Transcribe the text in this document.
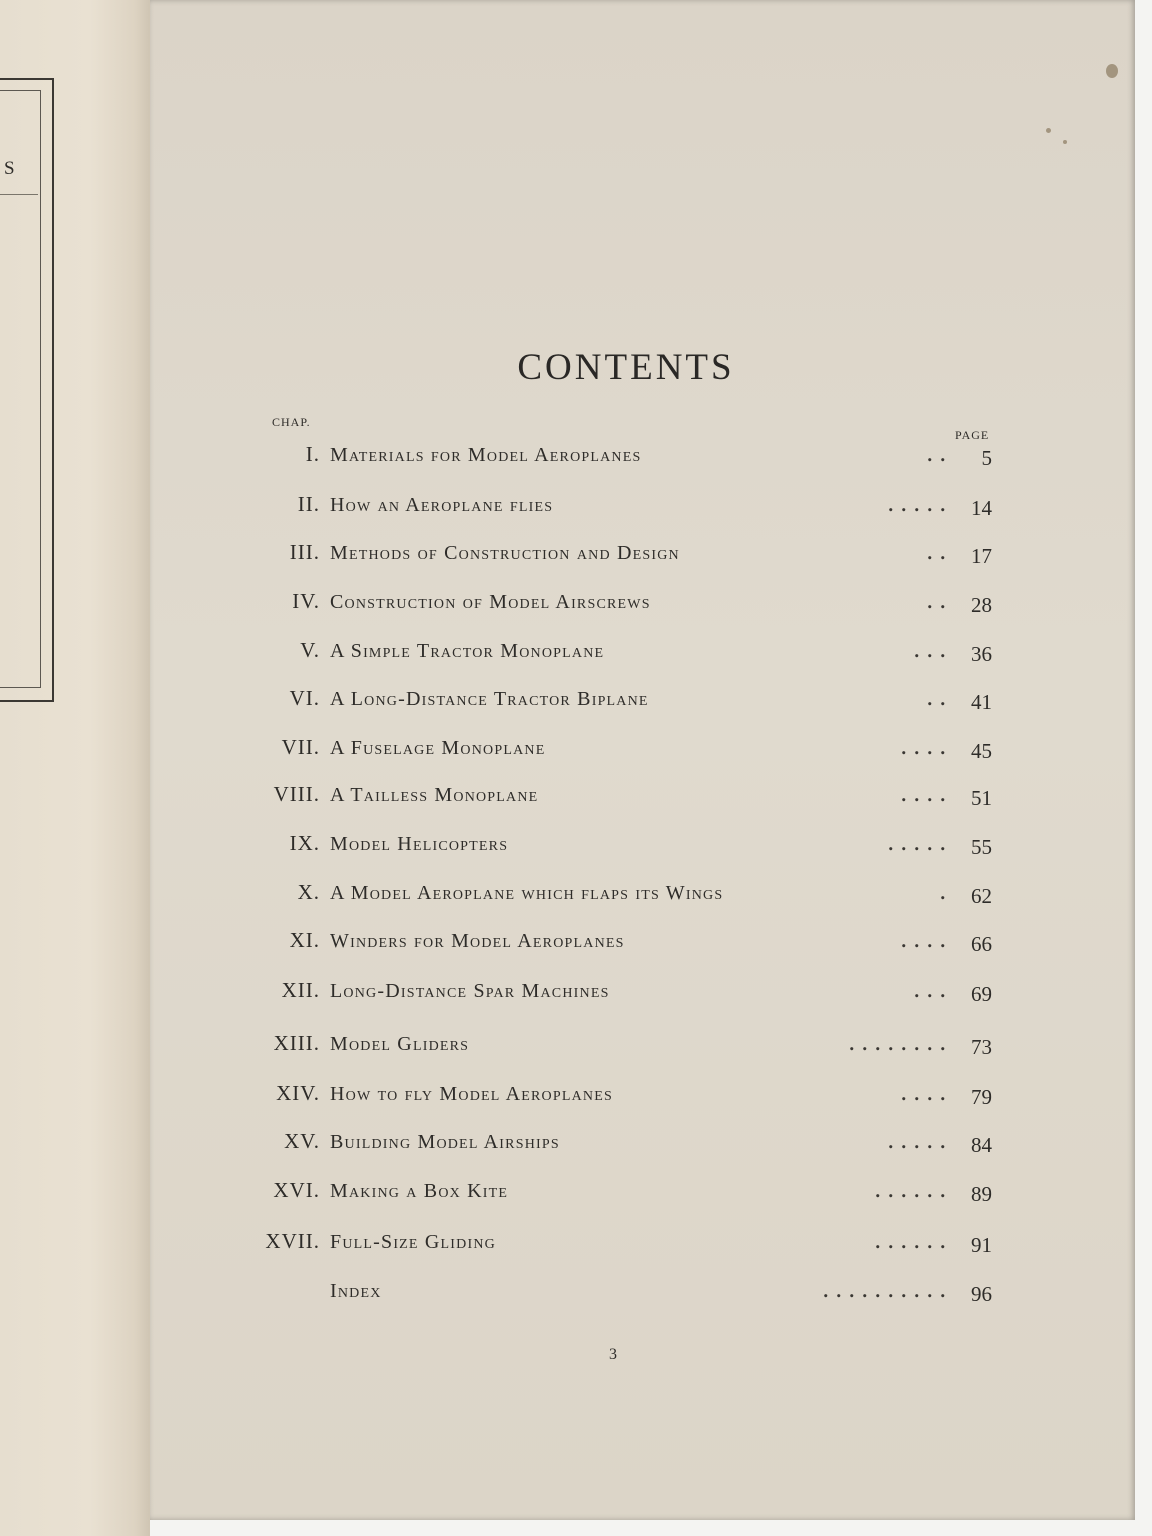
S
CONTENTS
CHAP.
PAGE
I. Materials for Model Aeroplanes	. .	5
II. How an Aeroplane flies	. . . . .	14
III. Methods of Construction and Design	. .	17
IV. Construction of Model Airscrews	. .	28
V. A Simple Tractor Monoplane	. . .	36
VI. A Long-Distance Tractor Biplane	. .	41
VII. A Fuselage Monoplane	. . . .	45
VIII. A Tailless Monoplane	. . . .	51
IX. Model Helicopters	. . . . .	55
X. A Model Aeroplane which flaps its Wings	.	62
XI. Winders for Model Aeroplanes	. . . .	66
XII. Long-Distance Spar Machines	. . .	69
XIII. Model Gliders	. . . . . . . .	73
XIV. How to fly Model Aeroplanes	. . . .	79
XV. Building Model Airships	. . . . .	84
XVI. Making a Box Kite	. . . . . .	89
XVII. Full-Size Gliding	. . . . . .	91
Index	. . . . . . . . . .	96
3
